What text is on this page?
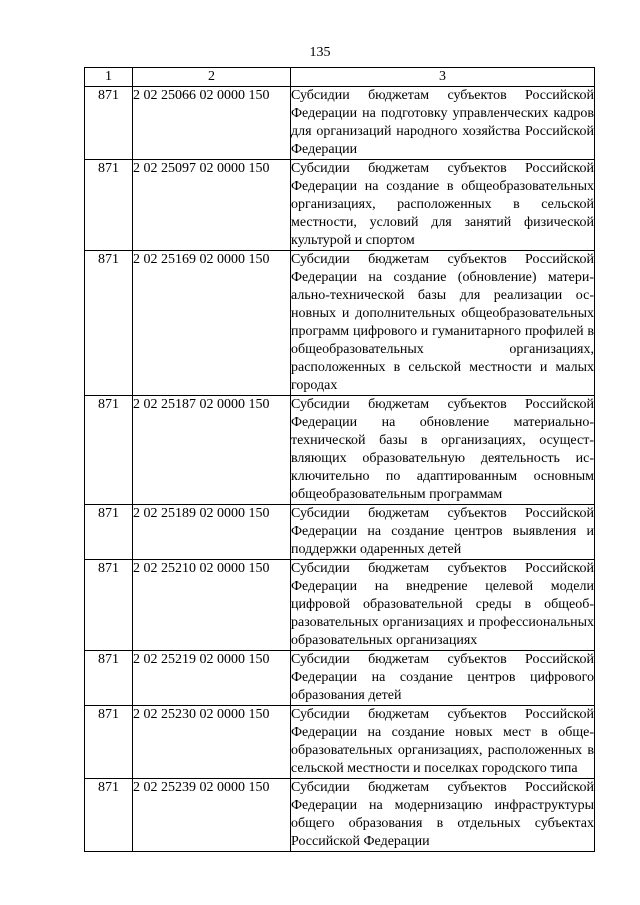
135
1	2	3
871	2 02 25066 02 0000 150	Субсидии бюджетам субъектов Российской Федерации на подготовку управленческих кадров для организаций народного хозяйства Российской Федерации
871	2 02 25097 02 0000 150	Субсидии бюджетам субъектов Российской Федерации на создание в общеобразовательных организациях, расположенных в сельской местности, условий для занятий физической культурой и спортом
871	2 02 25169 02 0000 150	Субсидии бюджетам субъектов Российской Федерации на создание (обновление) материально-технической базы для реализации основных и дополнительных общеобразовательных программ цифрового и гуманитарного профилей в общеобразовательных организациях, расположенных в сельской местности и малых городах
871	2 02 25187 02 0000 150	Субсидии бюджетам субъектов Российской Федерации на обновление материально-технической базы в организациях, осуществляющих образовательную деятельность исключительно по адаптированным основным общеобразовательным программам
871	2 02 25189 02 0000 150	Субсидии бюджетам субъектов Российской Федерации на создание центров выявления и поддержки одаренных детей
871	2 02 25210 02 0000 150	Субсидии бюджетам субъектов Российской Федерации на внедрение целевой модели цифровой образовательной среды в общеобразовательных организациях и профессиональных образовательных организациях
871	2 02 25219 02 0000 150	Субсидии бюджетам субъектов Российской Федерации на создание центров цифрового образования детей
871	2 02 25230 02 0000 150	Субсидии бюджетам субъектов Российской Федерации на создание новых мест в общеобразовательных организациях, расположенных в сельской местности и поселках городского типа
871	2 02 25239 02 0000 150	Субсидии бюджетам субъектов Российской Федерации на модернизацию инфраструктуры общего образования в отдельных субъектах Российской Федерации
